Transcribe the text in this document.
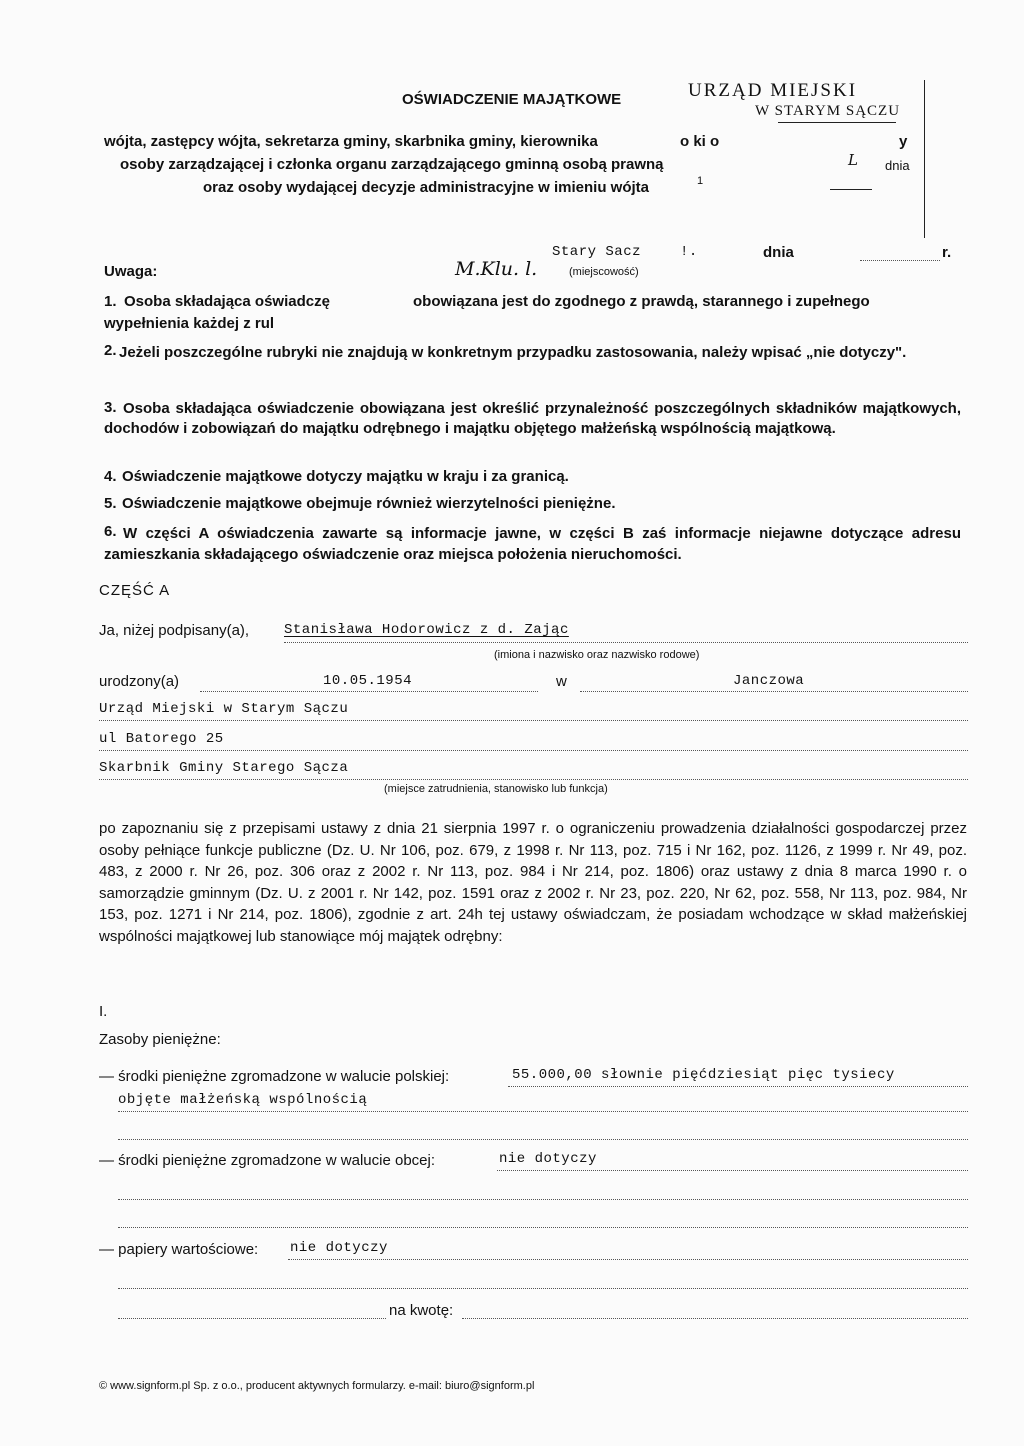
OŚWIADCZENIE MAJĄTKOWE	URZĄD MIEJSKI
W STARYM SĄCZU
wójta, zastępcy wójta, sekretarza gminy, skarbnika gminy, kierownika	o ki o	y
osoby zarządzającej i członka organu zarządzającego gminną osobą prawną	L dnia
oraz osoby wydającej decyzje administracyjne w imieniu wójta	1
Stary Sacz	!.
(miejscowość)
dnia	r.
Uwaga:	M.Klu. l.
1. Osoba składająca oświadczę	obowiązana jest do zgodnego z prawdą, starannego i zupełnego
wypełnienia każdej z rul
2. Jeżeli poszczególne rubryki nie znajdują w konkretnym przypadku zastosowania, należy wpisać „nie dotyczy".
3. Osoba składająca oświadczenie obowiązana jest określić przynależność poszczególnych składników majątkowych, dochodów i zobowiązań do majątku odrębnego i majątku objętego małżeńską wspólnością majątkową.
4. Oświadczenie majątkowe dotyczy majątku w kraju i za granicą.
5. Oświadczenie majątkowe obejmuje również wierzytelności pieniężne.
6. W części A oświadczenia zawarte są informacje jawne, w części B zaś informacje niejawne dotyczące adresu zamieszkania składającego oświadczenie oraz miejsca położenia nieruchomości.
CZĘŚĆ A
Ja, niżej podpisany(a), Stanisława Hodorowicz z d. Zając
(imiona i nazwisko oraz nazwisko rodowe)
urodzony(a)	10.05.1954	w	Janczowa
Urząd Miejski w Starym Sączu
ul Batorego 25
Skarbnik Gminy Starego Sącza
(miejsce zatrudnienia, stanowisko lub funkcja)
po zapoznaniu się z przepisami ustawy z dnia 21 sierpnia 1997 r. o ograniczeniu prowadzenia działalności gospodarczej przez osoby pełniące funkcje publiczne (Dz. U. Nr 106, poz. 679, z 1998 r. Nr 113, poz. 715 i Nr 162, poz. 1126, z 1999 r. Nr 49, poz. 483, z 2000 r. Nr 26, poz. 306 oraz z 2002 r. Nr 113, poz. 984 i Nr 214, poz. 1806) oraz ustawy z dnia 8 marca 1990 r. o samorządzie gminnym (Dz. U. z 2001 r. Nr 142, poz. 1591 oraz z 2002 r. Nr 23, poz. 220, Nr 62, poz. 558, Nr 113, poz. 984, Nr 153, poz. 1271 i Nr 214, poz. 1806), zgodnie z art. 24h tej ustawy oświadczam, że posiadam wchodzące w skład małżeńskiej wspólności majątkowej lub stanowiące mój majątek odrębny:
I.
Zasoby pieniężne:
— środki pieniężne zgromadzone w walucie polskiej:	55.000,00 słownie pięćdziesiąt pięc tysiecy
objęte małżeńską wspólnością
— środki pieniężne zgromadzone w walucie obcej:	nie dotyczy
— papiery wartościowe: nie dotyczy
na kwotę:
© www.signform.pl Sp. z o.o., producent aktywnych formularzy. e-mail: biuro@signform.pl
